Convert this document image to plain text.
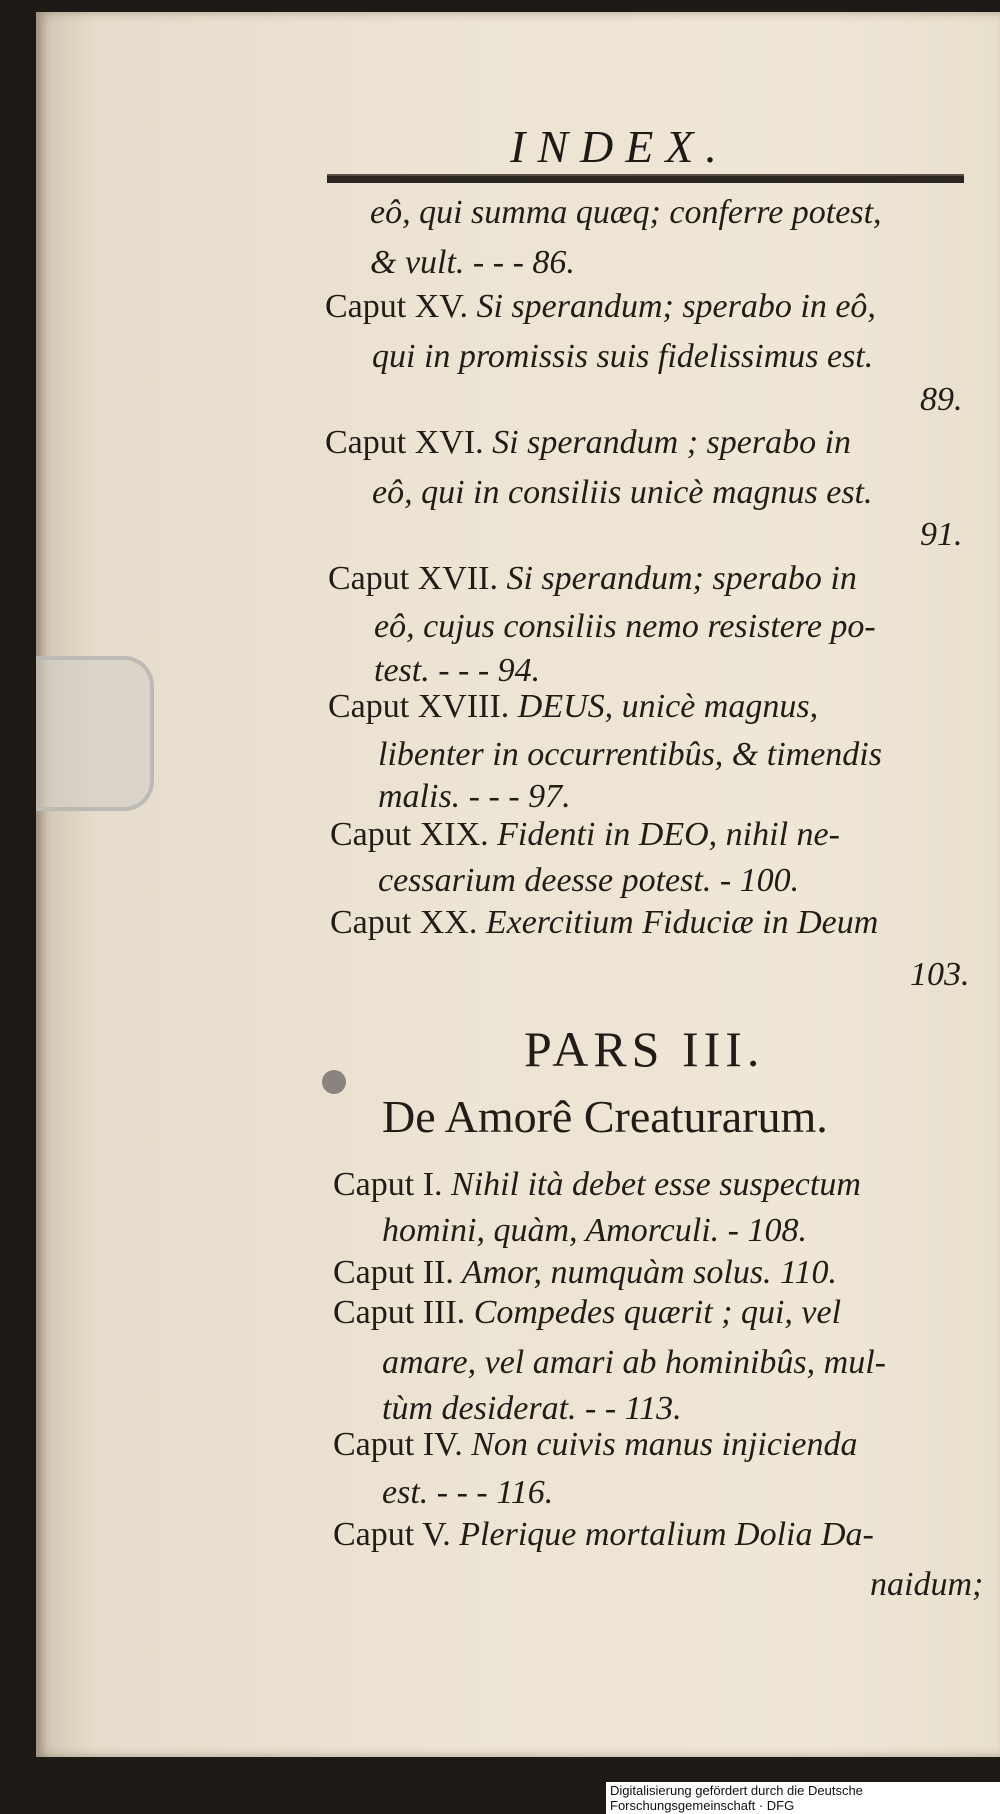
INDEX.

eô, qui summa quæq; conferre potest,

& vult. - - - 86.

Caput XV. Si sperandum; sperabo in eô,

qui in promissis suis fidelissimus est.

89.

Caput XVI. Si sperandum ; sperabo in

eô, qui in consiliis unicè magnus est.

91.

Caput XVII. Si sperandum; sperabo in

eô, cujus consiliis nemo resistere po-

test. - - - 94.

Caput XVIII. DEUS, unicè magnus,

libenter in occurrentibûs, & timendis

malis. - - - 97.

Caput XIX. Fidenti in DEO, nihil ne-

cessarium deesse potest. - 100.

Caput XX. Exercitium Fiduciæ in Deum

103.

PARS III.
De Amorê Creaturarum.

Caput I. Nihil ità debet esse suspectum

homini, quàm, Amorculi. - 108.

Caput II. Amor, numquàm solus. 110.

Caput III. Compedes quærit ; qui, vel

amare, vel amari ab hominibûs, mul-

tùm desiderat. - - 113.

Caput IV. Non cuivis manus injicienda

est. - - - 116.

Caput V. Plerique mortalium Dolia Da-

naidum;

Digitalisierung gefördert durch die Deutsche Forschungsgemeinschaft · DFG
